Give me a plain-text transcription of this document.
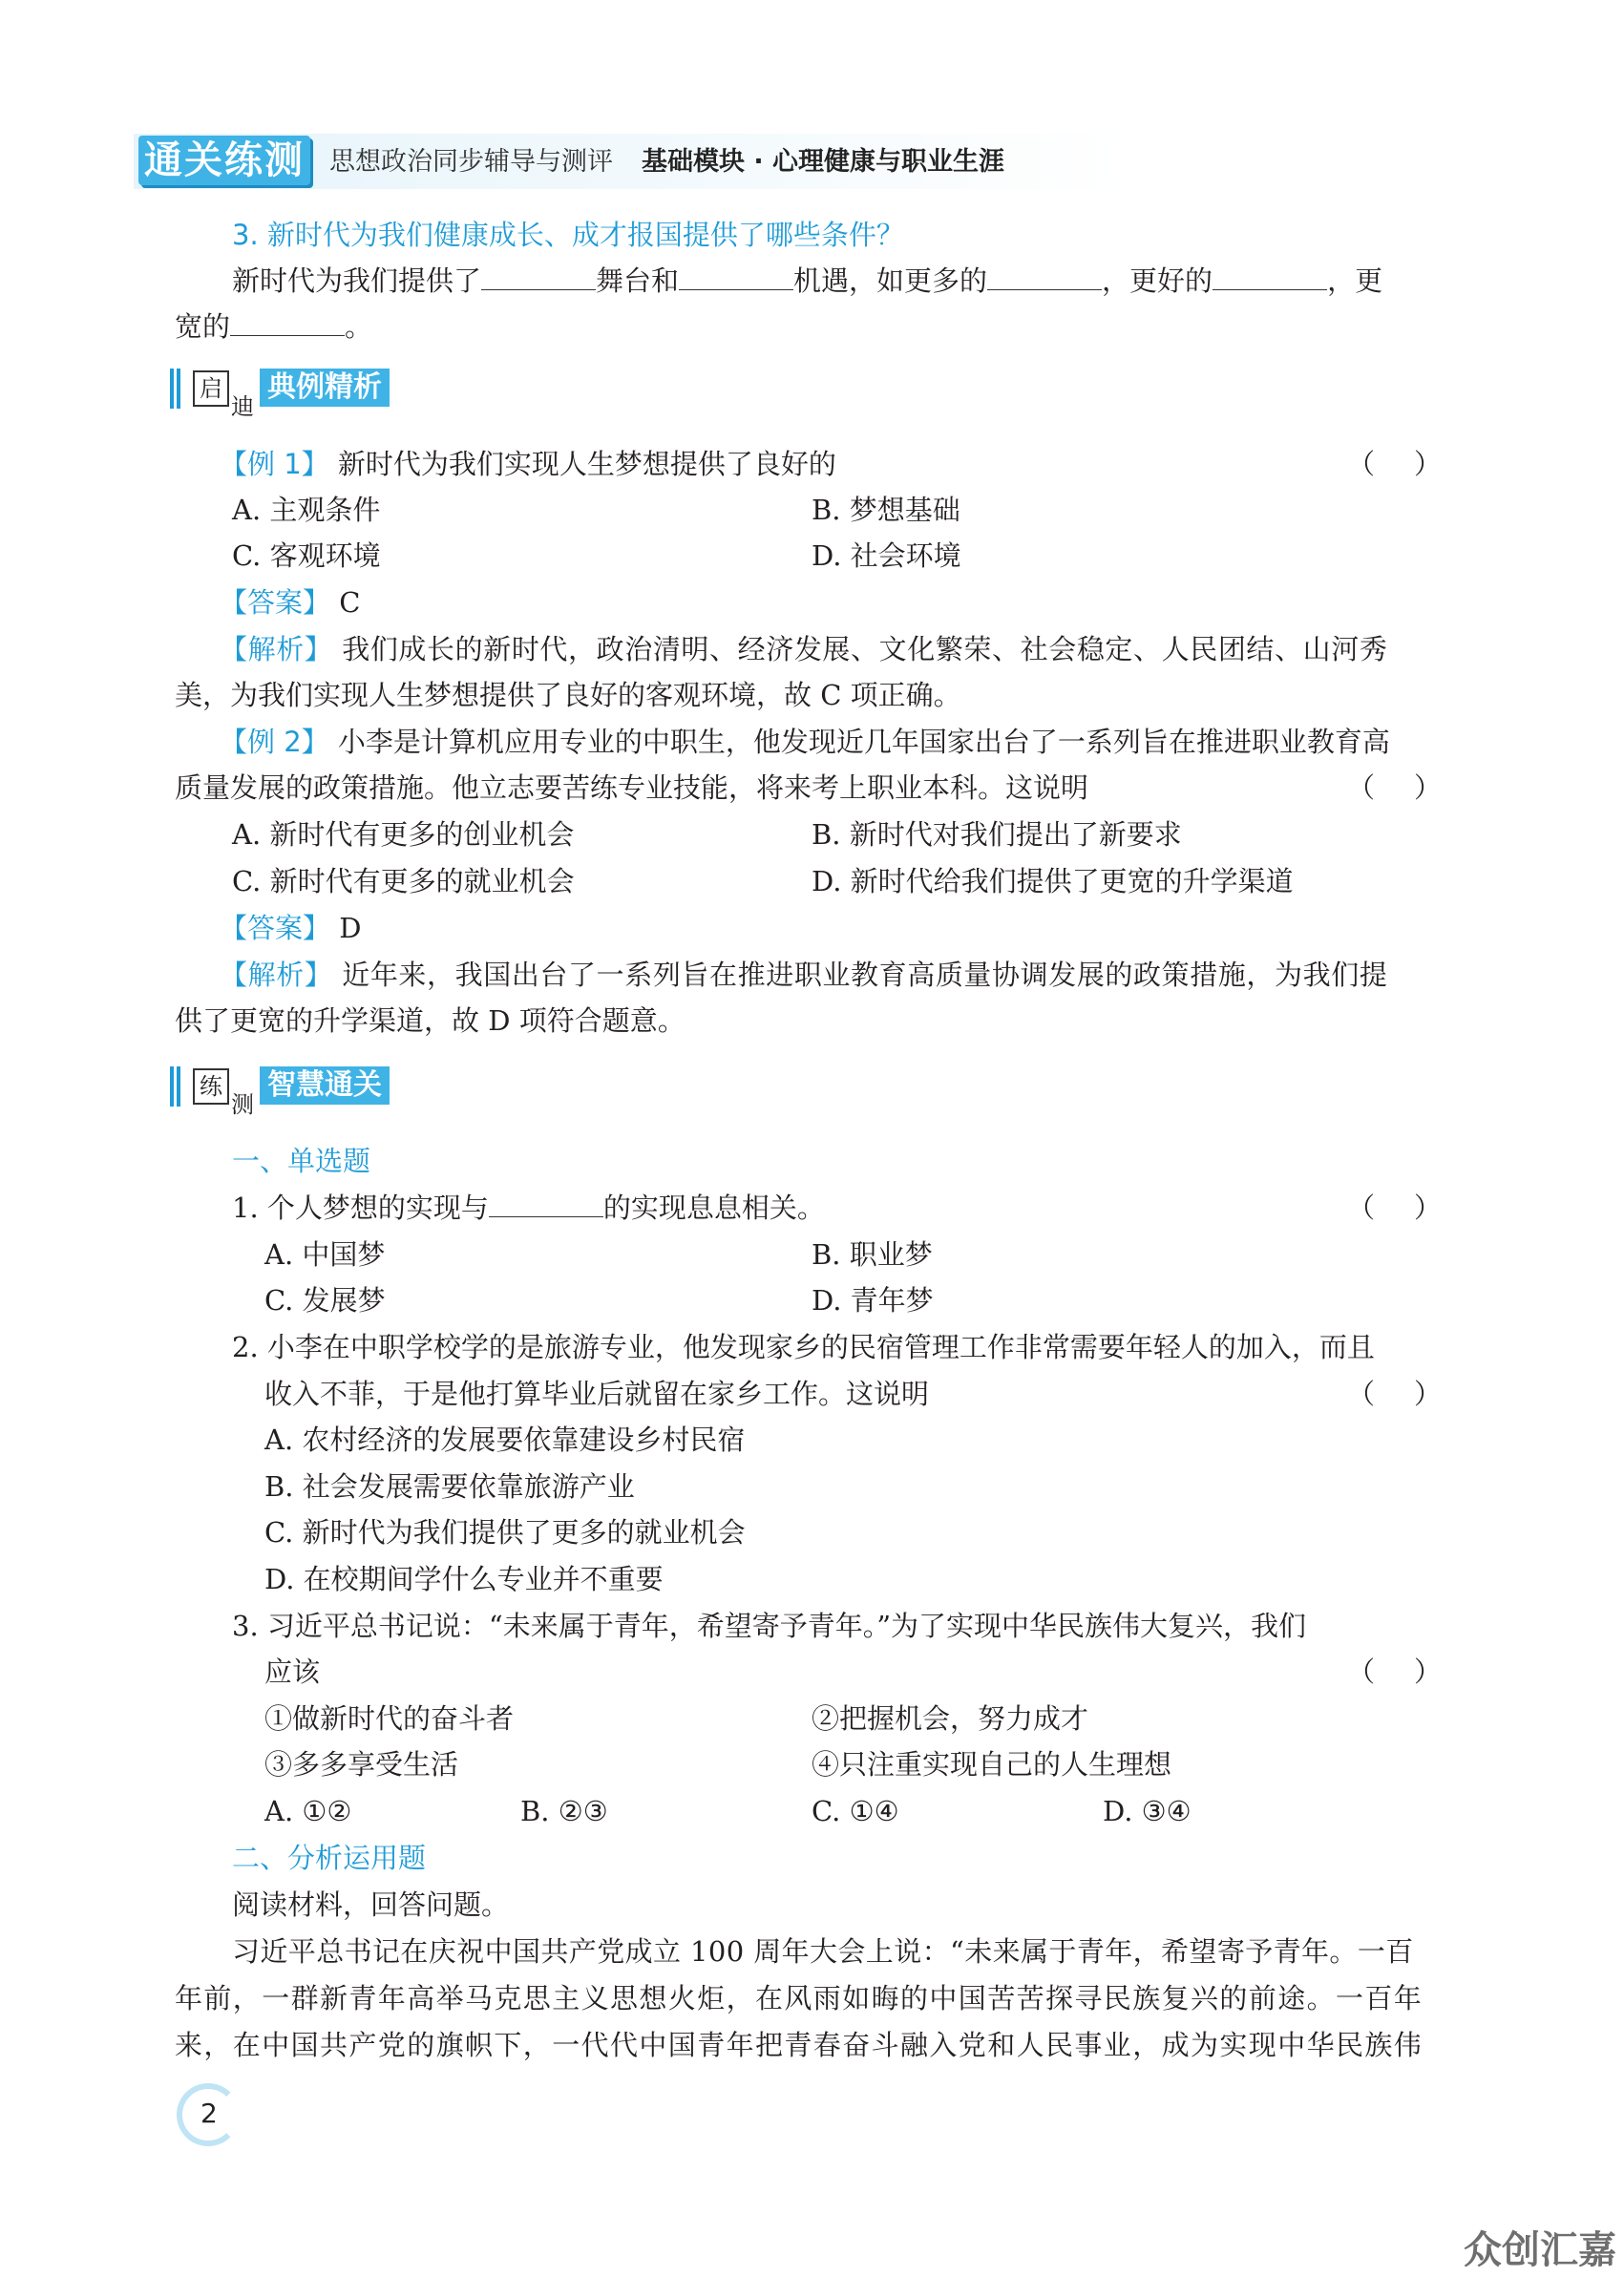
通关练测 思想政治同步辅导与测评 基础模块 · 心理健康与职业生涯
3. 新时代为我们健康成长、成才报国提供了哪些条件？
新时代为我们提供了	舞台和	机遇，如更多的	，更好的	，更
宽的	。
启
迪
典例精析
【例 1】 新时代为我们实现人生梦想提供了良好的	（　）
A. 主观条件	B. 梦想基础
C. 客观环境	D. 社会环境
【答案】 C
【解析】 我们成长的新时代，政治清明、经济发展、文化繁荣、社会稳定、人民团结、山河秀
美，为我们实现人生梦想提供了良好的客观环境，故 C 项正确。
【例 2】 小李是计算机应用专业的中职生，他发现近几年国家出台了一系列旨在推进职业教育高
质量发展的政策措施。他立志要苦练专业技能，将来考上职业本科。这说明	（　）
A. 新时代有更多的创业机会	B. 新时代对我们提出了新要求
C. 新时代有更多的就业机会	D. 新时代给我们提供了更宽的升学渠道
【答案】 D
【解析】 近年来，我国出台了一系列旨在推进职业教育高质量协调发展的政策措施，为我们提
供了更宽的升学渠道，故 D 项符合题意。
练
测
智慧通关
一、单选题
1. 个人梦想的实现与	的实现息息相关。	（　）
A. 中国梦	B. 职业梦
C. 发展梦	D. 青年梦
2. 小李在中职学校学的是旅游专业，他发现家乡的民宿管理工作非常需要年轻人的加入，而且
收入不菲，于是他打算毕业后就留在家乡工作。这说明	（　）
A. 农村经济的发展要依靠建设乡村民宿
B. 社会发展需要依靠旅游产业
C. 新时代为我们提供了更多的就业机会
D. 在校期间学什么专业并不重要
3. 习近平总书记说：“未来属于青年，希望寄予青年。”为了实现中华民族伟大复兴，我们
应该	（　）
①做新时代的奋斗者	②把握机会，努力成才
③多多享受生活	④只注重实现自己的人生理想
A. ①②	B. ②③	C. ①④	D. ③④
二、分析运用题
阅读材料，回答问题。
习近平总书记在庆祝中国共产党成立 100 周年大会上说：“未来属于青年，希望寄予青年。一百
年前，一群新青年高举马克思主义思想火炬，在风雨如晦的中国苦苦探寻民族复兴的前途。一百年
来，在中国共产党的旗帜下，一代代中国青年把青春奋斗融入党和人民事业，成为实现中华民族伟
2
众创汇嘉
